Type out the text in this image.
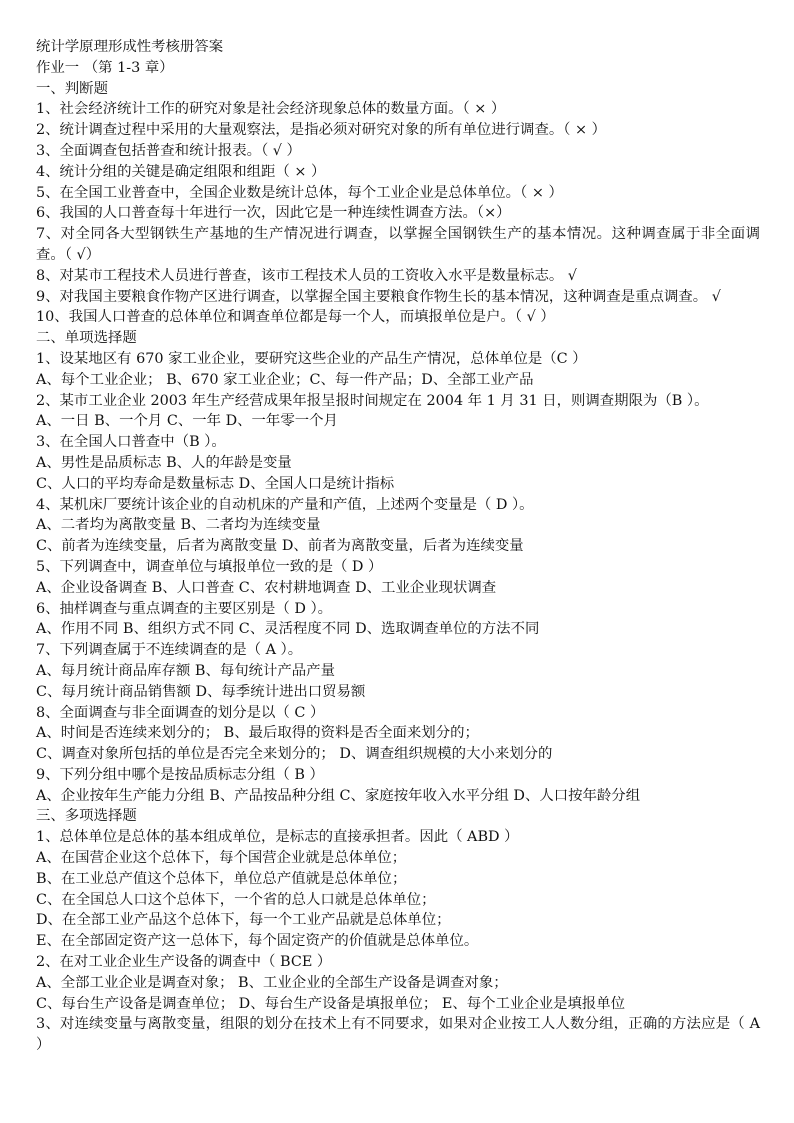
统计学原理形成性考核册答案
作业一 （第 1-3 章）
一、判断题
1、社会经济统计工作的研究对象是社会经济现象总体的数量方面。（ × ）
2、统计调查过程中采用的大量观察法，是指必须对研究对象的所有单位进行调查。（ × ）
3、全面调查包括普查和统计报表。（ √ ）
4、统计分组的关键是确定组限和组距（ × ）
5、在全国工业普查中，全国企业数是统计总体，每个工业企业是总体单位。（ × ）
6、我国的人口普查每十年进行一次，因此它是一种连续性调查方法。（×）
7、对全同各大型钢铁生产基地的生产情况进行调查，以掌握全国钢铁生产的基本情况。这种调查属于非全面调查。（ √）
8、对某市工程技术人员进行普查，该市工程技术人员的工资收入水平是数量标志。 √
9、对我国主要粮食作物产区进行调查，以掌握全国主要粮食作物生长的基本情况，这种调查是重点调查。 √
10、我国人口普查的总体单位和调查单位都是每一个人，而填报单位是户。（ √ ）
二、单项选择题
1、设某地区有 670 家工业企业，要研究这些企业的产品生产情况，总体单位是（C ）
A、每个工业企业； B、670 家工业企业；C、每一件产品；D、全部工业产品
2、某市工业企业 2003 年生产经营成果年报呈报时间规定在 2004 年 1 月 31 日，则调查期限为（B ）。
A、一日 B、一个月 C、一年 D、一年零一个月
3、在全国人口普查中（B ）。
A、男性是品质标志 B、人的年龄是变量
C、人口的平均寿命是数量标志 D、全国人口是统计指标
4、某机床厂要统计该企业的自动机床的产量和产值，上述两个变量是（ D ）。
A、二者均为离散变量 B、二者均为连续变量
C、前者为连续变量，后者为离散变量 D、前者为离散变量，后者为连续变量
5、下列调查中，调查单位与填报单位一致的是（ D ）
A、企业设备调查 B、人口普查 C、农村耕地调查 D、工业企业现状调查
6、抽样调查与重点调查的主要区别是（ D ）。
A、作用不同 B、组织方式不同 C、灵活程度不同 D、选取调查单位的方法不同
7、下列调查属于不连续调查的是（ A ）。
A、每月统计商品库存额 B、每旬统计产品产量
C、每月统计商品销售额 D、每季统计进出口贸易额
8、全面调查与非全面调查的划分是以（ C ）
A、时间是否连续来划分的； B、最后取得的资料是否全面来划分的；
C、调查对象所包括的单位是否完全来划分的； D、调查组织规模的大小来划分的
9、下列分组中哪个是按品质标志分组（ B ）
A、企业按年生产能力分组 B、产品按品种分组 C、家庭按年收入水平分组 D、人口按年龄分组
三、多项选择题
1、总体单位是总体的基本组成单位，是标志的直接承担者。因此（ ABD ）
A、在国营企业这个总体下，每个国营企业就是总体单位；
B、在工业总产值这个总体下，单位总产值就是总体单位；
C、在全国总人口这个总体下，一个省的总人口就是总体单位；
D、在全部工业产品这个总体下，每一个工业产品就是总体单位；
E、在全部固定资产这一总体下，每个固定资产的价值就是总体单位。
2、在对工业企业生产设备的调查中（ BCE ）
A、全部工业企业是调查对象； B、工业企业的全部生产设备是调查对象；
C、每台生产设备是调查单位； D、每台生产设备是填报单位； E、每个工业企业是填报单位
3、对连续变量与离散变量，组限的划分在技术上有不同要求，如果对企业按工人人数分组，正确的方法应是（ A ）
